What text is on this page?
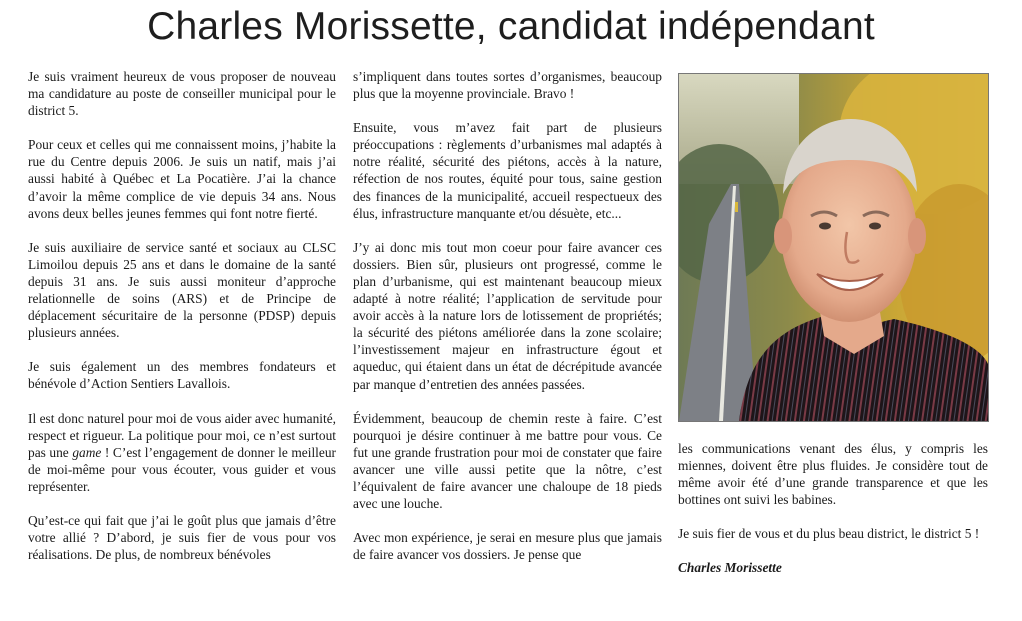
Charles Morissette, candidat indépendant

Je suis vraiment heureux de vous proposer de nouveau ma candidature au poste de conseiller municipal pour le district 5.

Pour ceux et celles qui me connaissent moins, j’habite la rue du Centre depuis 2006. Je suis un natif, mais j’ai aussi habité à Québec et La Pocatière. J’ai la chance d’avoir la même complice de vie depuis 34 ans. Nous avons deux belles jeunes femmes qui font notre fierté.

Je suis auxiliaire de service santé et sociaux au CLSC Limoilou depuis 25 ans et dans le domaine de la santé depuis 31 ans. Je suis aussi moniteur d’approche relationnelle de soins (ARS) et de Principe de déplacement sécuritaire de la personne (PDSP) depuis plusieurs années.

Je suis également un des membres fondateurs et bénévole d’Action Sentiers Lavallois.

Il est donc naturel pour moi de vous aider avec humanité, respect et rigueur. La politique pour moi, ce n’est surtout pas une game ! C’est l’engagement de donner le meilleur de moi-même pour vous écouter, vous guider et vous représenter.

Qu’est-ce qui fait que j’ai le goût plus que jamais d’être votre allié ? D’abord, je suis fier de vous pour vos réalisations. De plus, de nombreux bénévoles

s’impliquent dans toutes sortes d’organismes, beaucoup plus que la moyenne provinciale. Bravo !

Ensuite, vous m’avez fait part de plusieurs préoccupations : règlements d’urbanismes mal adaptés à notre réalité, sécurité des piétons, accès à la nature, réfection de nos routes, équité pour tous, saine gestion des finances de la municipalité, accueil respectueux des élus, infrastructure manquante et/ou désuète, etc...

J’y ai donc mis tout mon coeur pour faire avancer ces dossiers. Bien sûr, plusieurs ont progressé, comme le plan d’urbanisme, qui est maintenant beaucoup mieux adapté à notre réalité; l’application de servitude pour avoir accès à la nature lors de lotissement de propriétés; la sécurité des piétons améliorée dans la zone scolaire; l’investissement majeur en infrastructure égout et aqueduc, qui étaient dans un état de décrépitude avancée par manque d’entretien des années passées.

Évidemment, beaucoup de chemin reste à faire. C’est pourquoi je désire continuer à me battre pour vous. Ce fut une grande frustration pour moi de constater que faire avancer une ville aussi petite que la nôtre, c’est l’équivalent de faire avancer une chaloupe de 18 pieds avec une louche.

Avec mon expérience, je serai en mesure plus que jamais de faire avancer vos dossiers. Je pense que

les communications venant des élus, y compris les miennes, doivent être plus fluides. Je considère tout de même avoir été d’une grande transparence et que les bottines ont suivi les babines.

Je suis fier de vous et du plus beau district, le district 5 !

Charles Morissette
